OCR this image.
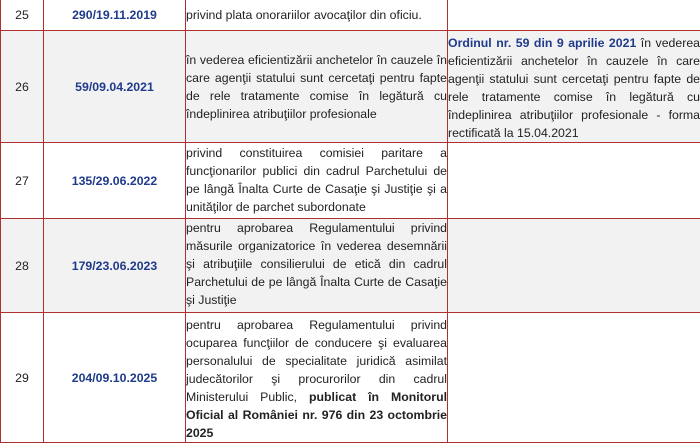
25	290/19.11.2019	privind plata onorariilor avocaţilor din oficiu.	
26	59/09.04.2021	în vederea eficientizării anchetelor în cauzele în care agenţii statului sunt cercetaţi pentru fapte de rele tratamente comise în legătură cu îndeplinirea atribuţiilor profesionale	Ordinul nr. 59 din 9 aprilie 2021 în vederea eficientizării anchetelor în cauzele în care agenţii statului sunt cercetaţi pentru fapte de rele tratamente comise în legătură cu îndeplinirea atribuţiilor profesionale - forma rectificată la 15.04.2021
27	135/29.06.2022	privind constituirea comisiei paritare a funcţionarilor publici din cadrul Parchetului de pe lângă Înalta Curte de Casaţie şi Justiţie şi a unităţilor de parchet subordonate	
28	179/23.06.2023	pentru aprobarea Regulamentului privind măsurile organizatorice în vederea desemnării şi atribuţiile consilierului de etică din cadrul Parchetului de pe lângă Înalta Curte de Casaţie şi Justiţie	
29	204/09.10.2025	pentru aprobarea Regulamentului privind ocuparea funcţiilor de conducere şi evaluarea personalului de specialitate juridică asimilat judecătorilor şi procurorilor din cadrul Ministerului Public, publicat în Monitorul Oficial al României nr. 976 din 23 octombrie 2025	
